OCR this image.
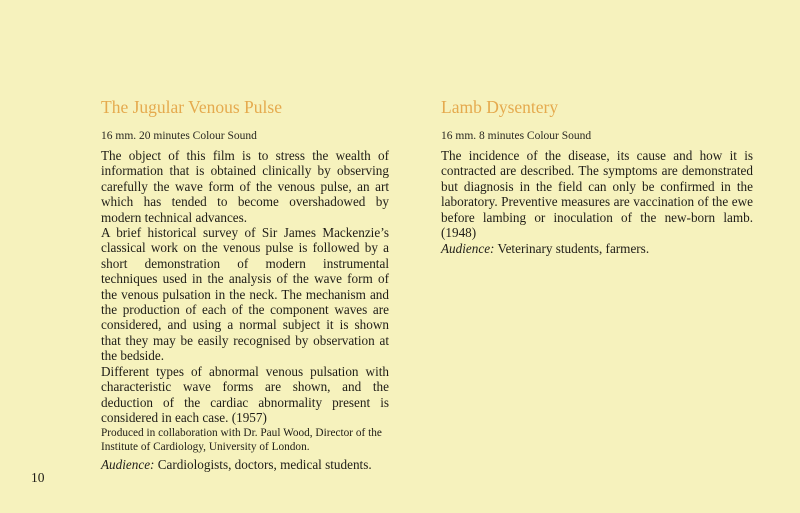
The Jugular Venous Pulse

16 mm. 20 minutes Colour Sound

The object of this film is to stress the wealth of information that is obtained clinically by observing carefully the wave form of the venous pulse, an art which has tended to become overshadowed by modern technical advances.

A brief historical survey of Sir James Mackenzie’s classical work on the venous pulse is followed by a short demonstration of modern instrumental techniques used in the analysis of the wave form of the venous pulsation in the neck. The mechanism and the production of each of the component waves are considered, and using a normal subject it is shown that they may be easily recognised by observation at the bedside.

Different types of abnormal venous pulsation with characteristic wave forms are shown, and the deduction of the cardiac abnormality present is considered in each case. (1957)

Produced in collaboration with Dr. Paul Wood, Director of the Institute of Cardiology, University of London.

Audience: Cardiologists, doctors, medical students.

Lamb Dysentery

16 mm. 8 minutes Colour Sound

The incidence of the disease, its cause and how it is contracted are described. The symptoms are demonstrated but diagnosis in the field can only be confirmed in the laboratory. Preventive measures are vaccination of the ewe before lambing or inoculation of the new-born lamb. (1948)

Audience: Veterinary students, farmers.

10
